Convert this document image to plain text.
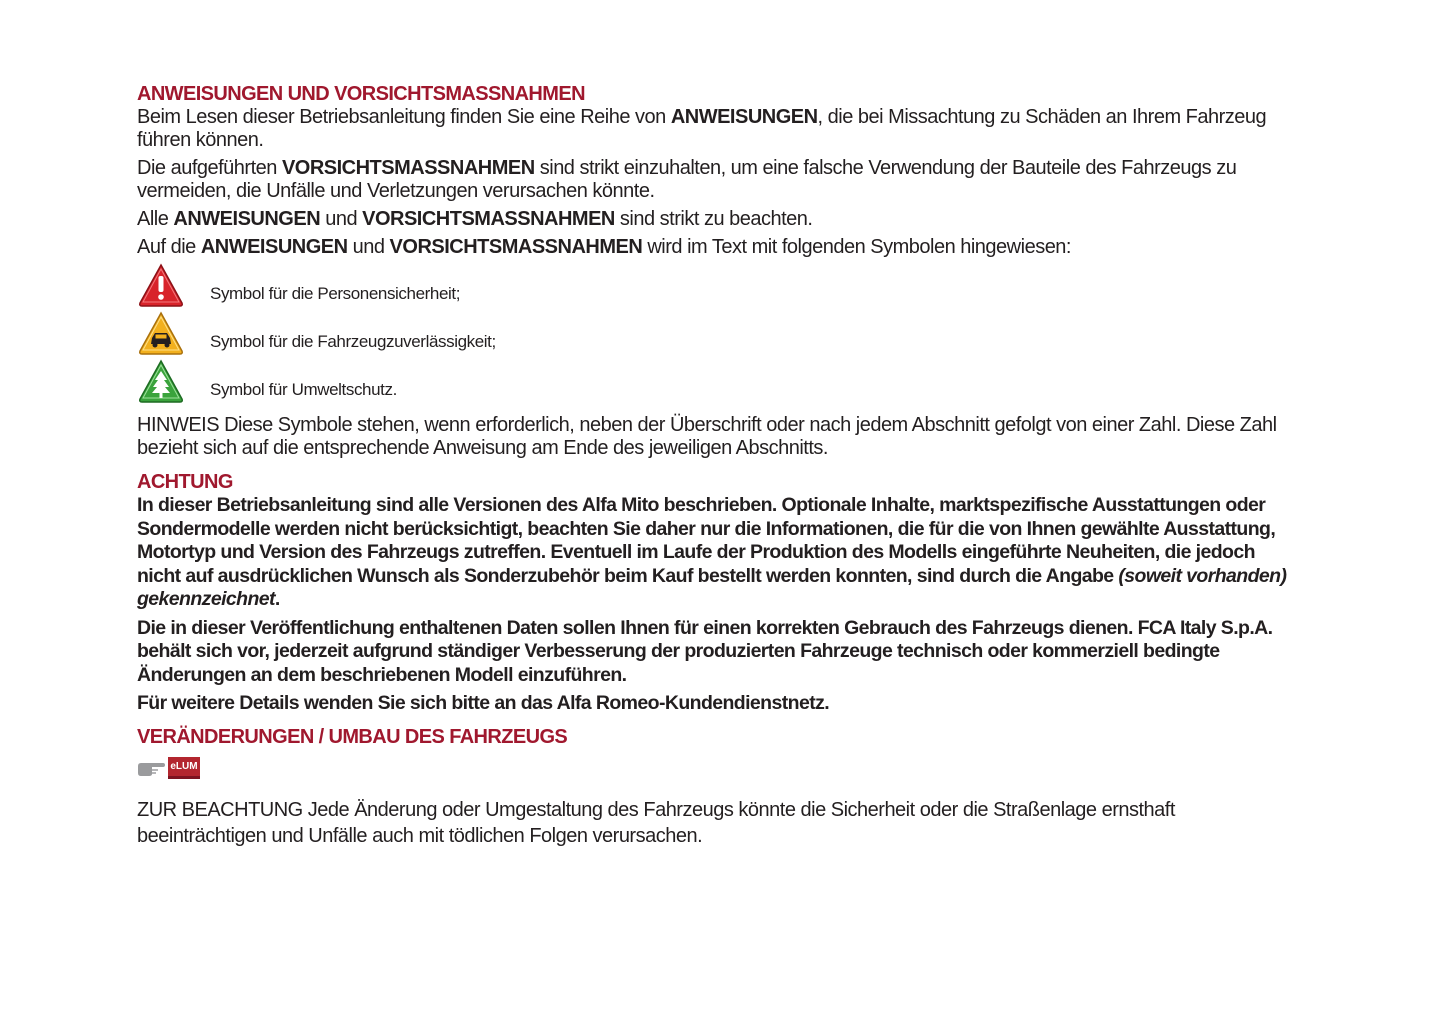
ANWEISUNGEN UND VORSICHTSMASSNAHMEN

Beim Lesen dieser Betriebsanleitung finden Sie eine Reihe von ANWEISUNGEN, die bei Missachtung zu Schäden an Ihrem Fahrzeug führen können.

Die aufgeführten VORSICHTSMASSNAHMEN sind strikt einzuhalten, um eine falsche Verwendung der Bauteile des Fahrzeugs zu vermeiden, die Unfälle und Verletzungen verursachen könnte.

Alle ANWEISUNGEN und VORSICHTSMASSNAHMEN sind strikt zu beachten.

Auf die ANWEISUNGEN und VORSICHTSMASSNAHMEN wird im Text mit folgenden Symbolen hingewiesen:

Symbol für die Personensicherheit;
Symbol für die Fahrzeugzuverlässigkeit;
Symbol für Umweltschutz.

HINWEIS Diese Symbole stehen, wenn erforderlich, neben der Überschrift oder nach jedem Abschnitt gefolgt von einer Zahl. Diese Zahl bezieht sich auf die entsprechende Anweisung am Ende des jeweiligen Abschnitts.

ACHTUNG

In dieser Betriebsanleitung sind alle Versionen des Alfa Mito beschrieben. Optionale Inhalte, marktspezifische Ausstattungen oder Sondermodelle werden nicht berücksichtigt, beachten Sie daher nur die Informationen, die für die von Ihnen gewählte Ausstattung, Motortyp und Version des Fahrzeugs zutreffen. Eventuell im Laufe der Produktion des Modells eingeführte Neuheiten, die jedoch nicht auf ausdrücklichen Wunsch als Sonderzubehör beim Kauf bestellt werden konnten, sind durch die Angabe (soweit vorhanden) gekennzeichnet.

Die in dieser Veröffentlichung enthaltenen Daten sollen Ihnen für einen korrekten Gebrauch des Fahrzeugs dienen. FCA Italy S.p.A. behält sich vor, jederzeit aufgrund ständiger Verbesserung der produzierten Fahrzeuge technisch oder kommerziell bedingte Änderungen an dem beschriebenen Modell einzuführen.

Für weitere Details wenden Sie sich bitte an das Alfa Romeo-Kundendienstnetz.

VERÄNDERUNGEN / UMBAU DES FAHRZEUGS
eLUM

ZUR BEACHTUNG Jede Änderung oder Umgestaltung des Fahrzeugs könnte die Sicherheit oder die Straßenlage ernsthaft beeinträchtigen und Unfälle auch mit tödlichen Folgen verursachen.
